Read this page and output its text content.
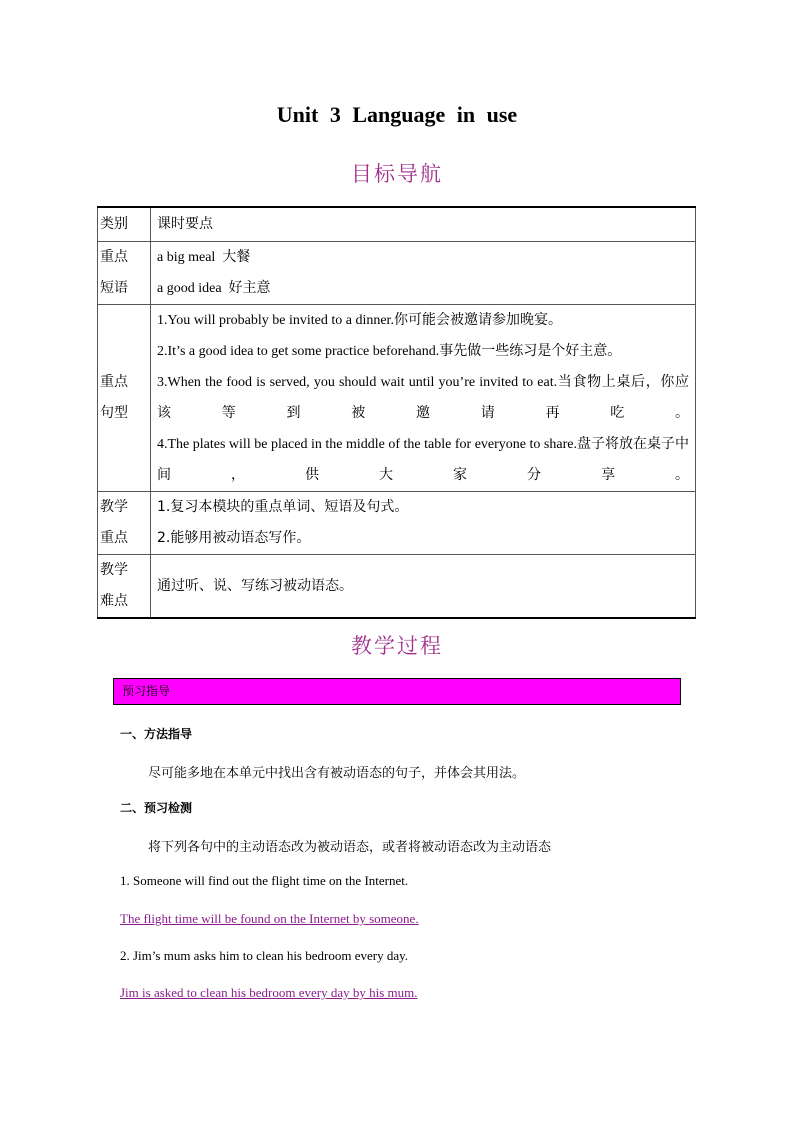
Unit 3 Language in use
目标导航
类别	课时要点

重点
短语	a big meal 大餐
a good idea 好主意

重点
句型	1.You will probably be invited to a dinner.你可能会被邀请参加晚宴。
2.It’s a good idea to get some practice beforehand.事先做一些练习是个好主意。
3.When the food is served, you should wait until you’re invited to eat.当食物上桌后，你应该等到被邀请再吃。
4.The plates will be placed in the middle of the table for everyone to share.盘子将放在桌子中间，供大家分享。

教学
重点	1.复习本模块的重点单词、短语及句式。
2.能够用被动语态写作。

教学
难点	通过听、说、写练习被动语态。
教学过程
预习指导
一、方法指导
尽可能多地在本单元中找出含有被动语态的句子，并体会其用法。
二、预习检测
将下列各句中的主动语态改为被动语态，或者将被动语态改为主动语态
1. Someone will find out the flight time on the Internet.
The flight time will be found on the Internet by someone.
2. Jim’s mum asks him to clean his bedroom every day.
Jim is asked to clean his bedroom every day by his mum.
